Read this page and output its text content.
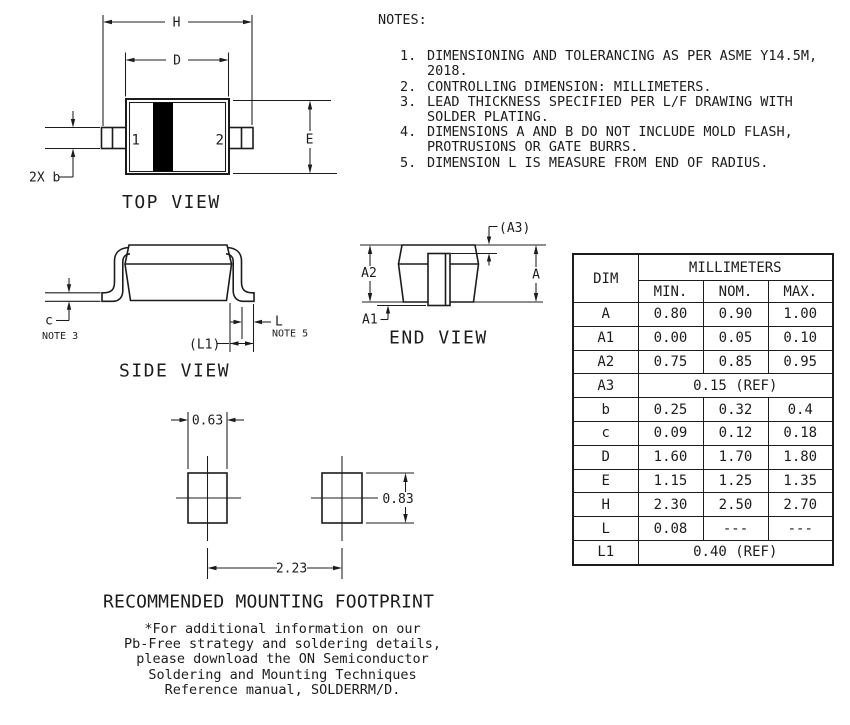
H
D
E
2X b
1	2
TOP VIEW
c
NOTE 3
L
NOTE 5
(L1)
SIDE VIEW
A2	A
(A3)
A1
END VIEW
0.63
0.83
2.23
RECOMMENDED MOUNTING FOOTPRINT
NOTES:
1. DIMENSIONING AND TOLERANCING AS PER ASME Y14.5M, 2018.
2. CONTROLLING DIMENSION: MILLIMETERS.
3. LEAD THICKNESS SPECIFIED PER L/F DRAWING WITH SOLDER PLATING.
4. DIMENSIONS A AND B DO NOT INCLUDE MOLD FLASH, PROTRUSIONS OR GATE BURRS.
5. DIMENSION L IS MEASURE FROM END OF RADIUS.
DIM	MILLIMETERS		
	MIN.	NOM.	MAX.
A	0.80	0.90	1.00
A1	0.00	0.05	0.10
A2	0.75	0.85	0.95
A3	0.15 (REF)		
b	0.25	0.32	0.4
c	0.09	0.12	0.18
D	1.60	1.70	1.80
E	1.15	1.25	1.35
H	2.30	2.50	2.70
L	0.08	---	---
L1	0.40 (REF)		
*For additional information on our
Pb-Free strategy and soldering details,
please download the ON Semiconductor
Soldering and Mounting Techniques
Reference manual, SOLDERRM/D.
